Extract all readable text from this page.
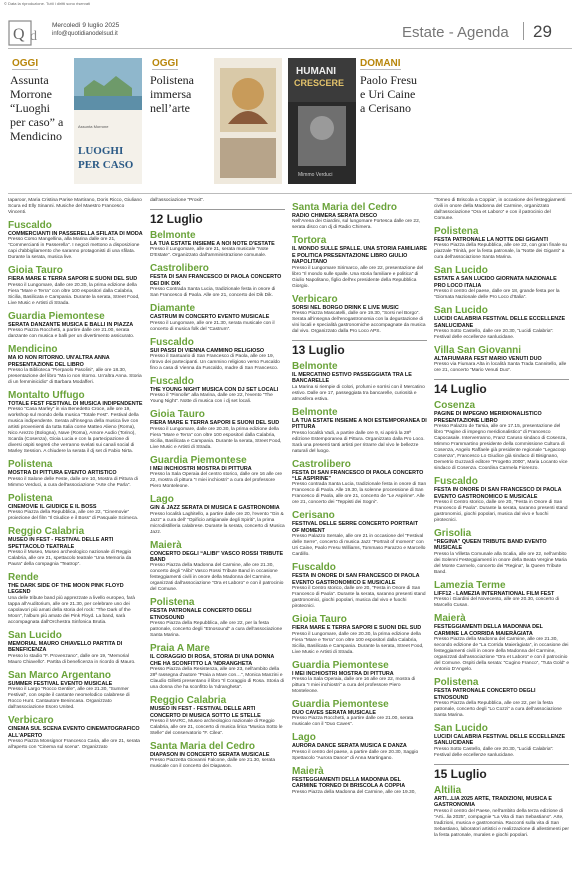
© Data la riproduzione. Tutti i diritti sono riservati
Q d
Mercoledì 9 luglio 2025
info@quotidianodelsud.it	Estate - Agenda 29
OGGI
Assunta Morrone “Luoghi per caso” a Mendicino
Assunta Morrone
LUOGHI
PER CASO
OGGI
Polistena immersa nell’arte
HUMANI
CRESCERE
Mimmo Verduci
DOMANI
Paolo Fresu e Uri Caine a Cerisano
Iaparoor, Maria Cristina Parise Martirano, Doris Ricco, Giuliano Scura ed Elly Sinanni. Musiche del Maestro Francesco Vincenti.
Fuscaldo
COMMERCIANTI IN PASSERELLA SFILATA DI MODA
Presso Corso Mangellina, alla Marina dalle ore 21, “Commercianti in Passerella”. I negozi mettono a disposizione capi d'abbigliamento che saranno protagonisti di una sfilata. Durante la serata, musica live.
Gioia Tauro
FIERA MARE E TERRA SAPORI E SUONI DEL SUD
Presso il Lungomare, dalle ore 20.30, la prima edizione della Fiera “Mare e Terra” con oltre 100 espositori dalla Calabria, Sicilia, Basilicata e Campania. Durante la serata, Street Food, Live Music e Artisti di Strada.
Guardia Piemontese
SERATA DANZANTE MUSICA E BALLI IN PIAZZA
Presso Piazza Rocchetti, a partire dalle ore 21.00, serata danzante con musica e balli per un divertimento assicurato.
Mendicino
MA IO NON RITORNO. UN'ALTRA ANNA PRESENTAZIONE DEL LIBRO
Presso la Biblioteca “Pierpaolo Pasolini”, alle ore 18.30, presentazione del libro “Ma io non ritorno. Un'altra Anna. Storia di un femminicidio” di Barbara Modafferi.
Montalto Uffugo
TOTALE FEST FESTIVAL DI MUSICA INDIPENDENTE
Presso “Casa Marley” in via Benedetto Croce, alle ore 19, workshop sul mondo della musica “Totale Fest”. Festival della musica indipendente. Serata all'insegna della musica live con artisti provenienti da tutta Italia come Matteo Alieno (Roma), Nico Arezzo (Bologna), Nave (Roma), Amore Audio (Torino), Scarda (Cosenza), Gioia Lucia e con la partecipazione di diversi ospiti segreti che verranno svelati sui canali social di Marley Session. A chiudere la serata il dj set di Fabio Nirta.
Polistena
MOSTRA DI PITTURA EVENTO ARTISTICO
Presso il Salone delle Feste, dalle ore 10, Mostra di Pittura di Mimmo Verduci, a cura dell'associazione “Arte che Parla”.
Polistena
CINEMOVIE IL GIUDICE E IL BOSS
Presso Piazza della Repubblica, alle ore 22, “Cinemovie” proiezione del film “Il Giudice e il Boss” di Pasquale Scimeca.
Reggio Calabria
MUSEO IN FEST - FESTIVAL DELLE ARTI SPETTACOLO TEATRALE
Presso il Museo, Museo archeologico nazionale di Reggio Calabria, alle ore 21, spettacolo teatrale “Una Memoria da Paura” della compagnia “Teatrop”.
Rende
THE DARK SIDE OF THE MOON PINK FLOYD LEGEND
Una delle tribute band più apprezzate a livello europeo, farà tappa all'Auditorium, alle ore 21.30, per celebrare uno dei capolavori più amati della storia del rock: “The Dark of the Moon”, l'album più amato dei Pink Floyd. La band, sarà accompagnata dall'Orchestra Sinfonica Brutia.
San Lucido
MEMORIAL MAURO CHIAVELLO PARTITA DI BENEFICENZA
Presso lo stadio “F. Provenzano”, dalle ore 19, “Memorial Mauro Chiavello”. Partita di beneficenza in ricordo di Mauro.
San Marco Argentano
SUMMER FESTIVAL EVENTO MUSICALE
Presso il Largo “Rocco Gentile”, alle ore 21.30, “Summer Festival”, con ospite il cantante neomelodico calabrese di Rocco Hunt. Cantautore Benincasa. Organizzato dall'associazione Esoro United.
Verbicaro
CINEMA SUL SCENA EVENTO CINEMATOGRAFICO ALL'APERTO
Presso Piazza Monsignor Francesco Caria, alle ore 21, serata all'aperto con “Cinema sul scena”. Organizzato
dall'associazione “Proxit”.
12 Luglio
Belmonte
LA TUA ESTATE INSIEME A NOI NOTE D'ESTATE
Presso il Lungomare, alle ore 21, serata musicale “Note D'Estate”. Organizzato dall'amministrazione comunale.
Castrolibero
FESTA DI SAN FRANCESCO DI PAOLA CONCERTO DEI DIK DIK
Presso Contrada Santa Lucia, tradizionale festa in onore di San Francesco di Paola. Alle ore 21, concerto dei Dik Dik.
Diamante
CASTRUM IN CONCERTO EVENTO MUSICALE
Presso il Lungomare, alle ore 21.30, serata musicale con il concerto di musica folk del “Castrum”.
Fuscaldo
SUI PASSI DI VIENNA CAMMINO RELIGIOSO
Presso il Santuario di San Francesco di Paola, alle ore 19, ritrovo dei partecipanti. Un cammino religioso verso Fuscaldo fino a casa di Vienna da Fuscaldo, madre di San Francesco.
Fuscaldo
THE YOUNG NIGHT MUSICA CON DJ SET LOCALI
Presso il “Pinnolle” alla Marina, dalle ore 22, l'evento “The Young Night”. Notte di musica con i dj set locali.
Gioia Tauro
FIERA MARE E TERRA SAPORI E SUONI DEL SUD
Presso il Lungomare, dalle ore 20.30, la prima edizione della Fiera “Mare e Terra” con oltre 100 espositori dalla Calabria, Sicilia, Basilicata e Campania. Durante la serata, Street Food, Live Music e Artisti di Strada.
Guardia Piemontese
I MEI INCHIOSTRI MOSTRA DI PITTURA
Presso la Sala Operaia del centro storico, dalle ore 16 alle ore 22, mostra di pittura “I miei inchiostri” a cura del professore Piero Monteleone.
Lago
GIN & JAZZ SERATA DI MUSICA E GASTRONOMIA
Presso località Laghitello, a partire dalle ore 20, l'evento “Gin & Jazz” a cura dell' “Opificio artigianale degli Spiriti”, la prima microdistilleria calabrese. Durante la serata, concerto di Musica Jazz.
Maierà
CONCERTO DEGLI “ALIBI” VASCO ROSSI TRIBUTE BAND
Presso Piazza della Madonna del Carmine, alle ore 21.30, concerto degli “Alibi” Vasco Rossi Tribute Band in occasione festeggiamenti civili in onore della Madonna del Carmine, organizzati dall'associazione “Ora et Laboro” e con il patrocinio del Comune.
Polistena
FESTA PATRONALE CONCERTO DEGLI ETNOSOUND
Presso Piazza della Repubblica, alle ore 22, per la festa patronale, concerto degli “Etnosound” a cura dell'associazione Santa Marina.
Praia A Mare
IL CORAGGIO DI ROSA, STORIA DI UNA DONNA CHE HA SCONFITTO LA 'NDRANGHETA
Presso Piazza della Resistenza, alle ore 23, nell'ambito della 28ª rassegna d'autore “Praia a Mare con…”, Monica Manzini e Claudio Gilletti presentano il libro “Il Coraggio di Rosa. Storia di una donna che ha sconfitto la 'ndrangheta”.
Reggio Calabria
MUSEO IN FEST - FESTIVAL DELLE ARTI CONCERTO DI MUSICA SOTTO LE STELLE
Presso il MArRC, Museo archeologico nazionale di Reggio Calabria, alle ore 21, concerto di musica lirica “Musica Sotto le Stelle” del conservatorio “F. Cilea”.
Santa Maria del Cedro
DIAPASON IN CONCERTO SERATA MUSICALE
Presso Piazzetta Giovanni Falcone, dalle ore 21.30, serata musicale con il concerto dei Diapason.
Santa Maria del Cedro
RADIO CHIMERA SERATA DISCO
Nell'Arena dei Giardini, sul lungomare Fortesca dalle ore 22, serata disco con dj di Radio Chimera.
Tortora
IL MONDO SULLE SPALLE. UNA STORIA FAMILIARE E POLITICA PRESENTAZIONE LIBRO GIULIO NAPOLITANO
Presso il Lungomare Sirimarco, alle ore 22, presentazione del libro “Il mondo sulle spalle. Una storia familiare e politica” di Giulio Napolitano, figlio dell'ex presidente della Repubblica Giorgio.
Verbicaro
SORSI NEL BORGO DRINK E LIVE MUSIC
Presso Piazza Mascatelli, dalle ore 19.30, “Sorsi nel Borgo”. Serata all'insegna dell'enogastronomia con la degustazione di vini locali e specialità gastronomiche accompagnate da musica dal vivo. Organizzato dalla Pro Loco APS.
13 Luglio
Belmonte
IL MERCATINO ESTIVO PASSEGGIATA TRA LE BANCARELLE
La Marina si riempie di colori, profumi e sorrisi con il Mercatino estivo. Dalle ore 17, passeggiata tra bancarelle, curiosità e atmosfera estiva.
Belmonte
LA TUA ESTATE INSIEME A NOI ESTEMPORANEA DI PITTURA
Presso località Vadi, a partire dalle ore 9, si aprirà la 28ª edizione Estemporanea di Pittura. Organizzato dalla Pro Loco. Sarà una presenti tanti artisti per ritrarre dal vivo le bellezze naturali del luogo.
Castrolibero
FESTA DI SAN FRANCESCO DI PAOLA CONCERTO “LE ASPIRINE”
Presso contrada Santa Lucia, tradizionale festa in onore di San Francesco di Paola. Alle 19.30, la solenne processione di San Francesco di Paola, alle ore 21, concerto de “Le Aspirine”. Alle ore 21, concerto dei “Teppisti dei Sogni”.
Cerisano
FESTIVAL DELLE SERRE CONCERTO PORTRAIT OF MOMENT
Presso Palazzo Sersale, alle ore 21 in occasione del “Festival delle Serre”, concerto di musica Jazz “Portrait of moment” con Uri Caine, Paolo Fresu Williams, Tommaso Parazzo e Marcello Cardillo.
Fuscaldo
FESTA IN ONORE DI SAN FRANCESCO DI PAOLA EVENTO GASTRONOMICO E MUSICALE
Presso il Centro storico, dalle ore 20, “Festa in Onore di San Francesco di Paola”. Durante la serata, saranno presenti stand gastronomici, giochi popolari, musica dal vivo e fuochi pirotecnici.
Gioia Tauro
FIERA MARE E TERRA SAPORI E SUONI DEL SUD
Presso il Lungomare, dalle ore 20.30, la prima edizione della Fiera “Mare e Terra” con oltre 100 espositori dalla Calabria, Sicilia, Basilicata e Campania. Durante la serata, Street Food, Live Music e Artisti di Strada.
Guardia Piemontese
I MEI INCHIOSTRI MOSTRA DI PITTURA
Presso la Sala Operaia, dalle ore 16 alle ore 22, mostra di pittura “I miei inchiostri” a cura del professore Piero Monteleone.
Guardia Piemontese
DUO CAVES SERATA MUSICALE
Presso Piazza Rocchetti, a partire dalle ore 21.00, serata musicale con il “Duo Caves”.
Lago
AURORA DANCE SERATA MUSICA E DANZA
Presso il centro del paese, a partire dalle ore 20.30, Saggio Spettacolo “Aurora Dance” di Anna Martingano.
Maierà
FESTEGGIAMENTI DELLA MADONNA DEL CARMINE TORNEO DI BRISCOLA A COPPIA
Presso Piazza della Madonna del Carmine, alle ore 19.30,
“Torneo di Briscola a Coppia”, in occasione dei festeggiamenti civili in onore della Madonna del Carmine, organizzato dall'associazione “Ora et Laboro” e con il patrocinio del Comune.
Polistena
FESTA PATRONALE LA NOTTE DEI GIGANTI
Presso Piazza della Repubblica, alle ore 22, con gran finale su piazzale Trinità, per la festa patronale, la “Notte dei Giganti” a cura dell'associazione Santa Marina.
San Lucido
ESTATE A SAN LUCIDO GIORNATA NAZIONALE PRO LOCO ITALIA
Presso il centro del paese, dalle ore 18, grande festa per la “Giornata Nazionale delle Pro Loco d'Italia”.
San Lucido
LUCIDI CALABRIA FESTIVAL DELLE ECCELLENZE SANLUCIDANE
Presso Sotto Castello, dalle ore 20.30, “Lucidi Calabria”: Festival delle eccellenze sanlucidane.
Villa San Giovanni
ALTAFIUMARA FEST MARIO VENUTI DUO
Presso via Fiumara Alta in località Santa Trada Cannitello, alle ore 21, concerto “Mario Venuti Duo”.
14 Luglio
Cosenza
PAGINE DI IMPEGNO MERIDIONALISTICO PRESENTAZIONE LIBRO
Presso Palazzo de Tarsia, alle ore 17.15, presentazione del libro “Pagine di impegno meridionalistico” di Francesco Capocasale. Interverranno, Franz Caruso sindaco di Cosenza, Mimmo Frammartino presidente della commissione Cultura di Cosenza, Angelo Raffaele già presidente regionale “Legacoop Cosenza”, Francesco Lo Giudice già sindaco di Bisignano, Demetrio Guzzardi editore “Progetto 2000”, Maria Locanto vice sindaco di Cosenza. Coordina Carmela Fiorenzo.
Fuscaldo
FESTA IN ONORE DI SAN FRANCESCO DI PAOLA EVENTO GASTRONOMICO E MUSICALE
Presso il Centro storico, dalle ore 20, “Festa in Onore di San Francesco di Paola”. Durante la serata, saranno presenti stand gastronomici, giochi popolari, musica dal vivo e fuochi pirotecnici.
Grisolia
“REGINA” QUEEN TRIBUTE BAND EVENTO MUSICALE
Presso la Villetta Comunale alla Scalia, alle ore 22, nell'ambito dei Solenni Festeggiamenti in onore della Beata Vergine Maria del Monte Carmelo, concerto dei “Regina”, la Queen Tribute Band.
Lamezia Terme
LIFF12 - LAMEZIA INTERNATIONAL FILM FEST
Presso i Giardini del Novecento, alle ore 20.30, concerto di Marcello Cusan.
Maierà
FESTEGGIAMENTI DELLA MADONNA DEL CARMINE LA CORRIDA MAIERÀGIATA
Presso Piazza della Madonna del Carmine, alle ore 21.30, secondo edizione de “La Corrida Maieràgiata”, in occasione dei festeggiamenti civili in onore della Madonna del Carmine, organizzati dall'associazione “Ora et Laboro” e con il patrocinio del Comune. Ospiti della serata: “Cugino Franco”, “Tuta Gold” e Antonio D'Angelo.
Polistena
FESTA PATRONALE CONCERTO DEGLI ETNOSOUND
Presso Piazza della Repubblica, alle ore 22, per la festa patronale, concerto degli “Lo Cozzi” a cura dell'associazione Santa Marina.
San Lucido
LUCIDI CALABRIA FESTIVAL DELLE ECCELLENZE SANLUCIDANE
Presso Sotto Castello, dalle ore 20.30, “Lucidi Calabria”: Festival delle eccellenze sanlucidane.
15 Luglio
Altilia
ARTI...LIA 2025 ARTE, TRADIZIONI, MUSICA E GASTRONOMIA
Presso il centro del Paese, nell'ambito della terza edizione di “Arti...lia 2025”, compagnie “La Vita di San Sebastiano”. Arte, tradizioni, musica e gastronomia. Racconti sulla vita di San Sebastiano, laboratori artistici e realizzazione di allestimenti per la festa patronale, murales e giochi popolari.
